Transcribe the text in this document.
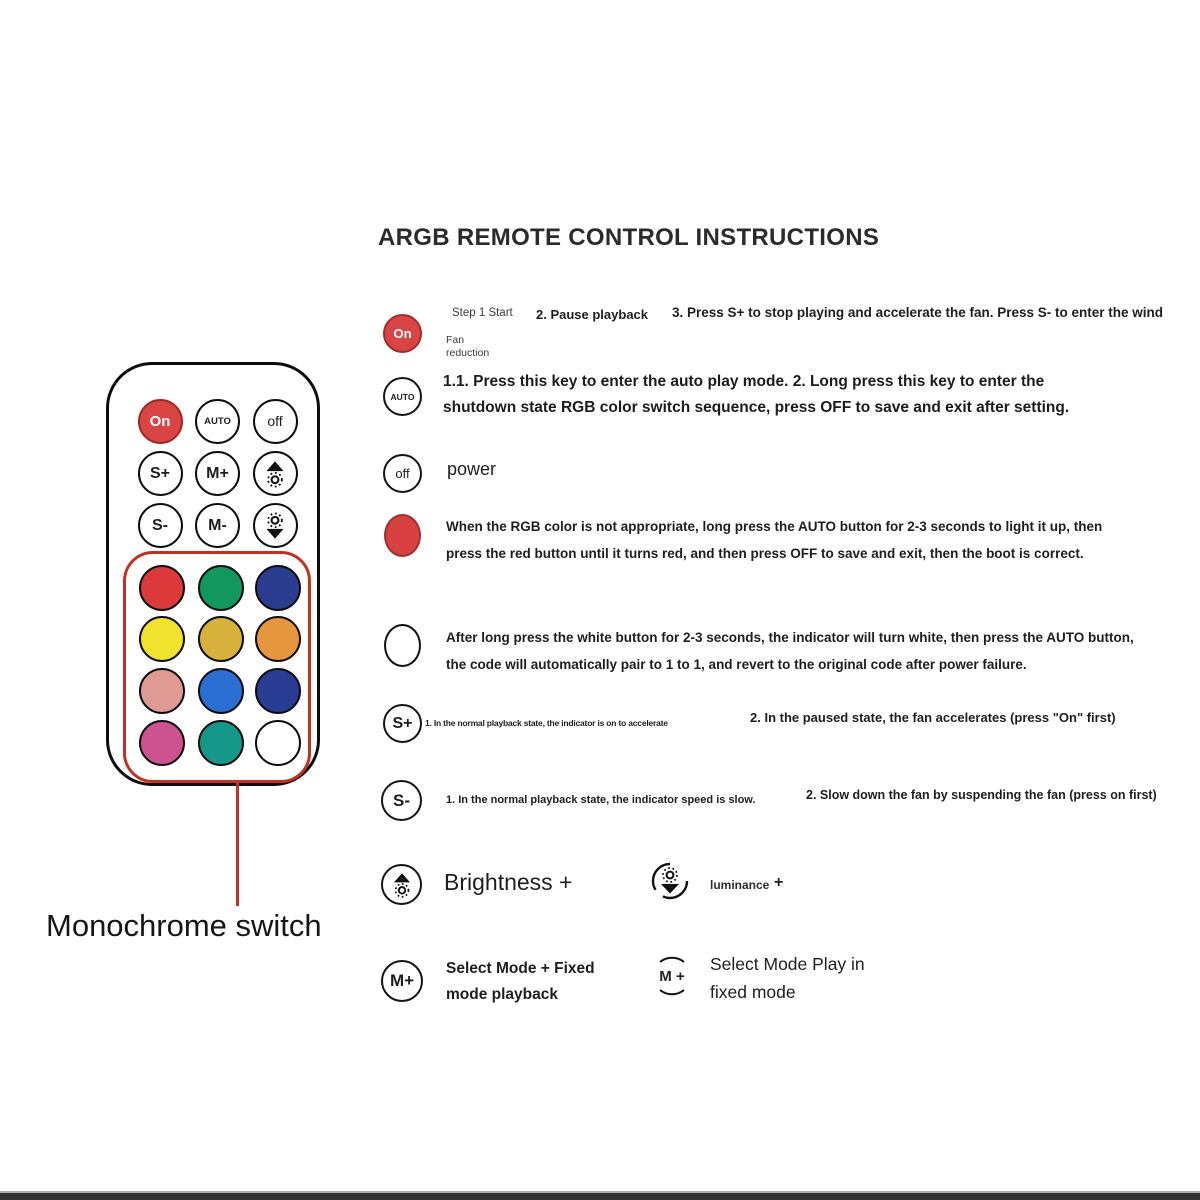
ARGB REMOTE CONTROL INSTRUCTIONS
On	AUTO	off
S+ M+
S-	M-
Monochrome switch
On
Step 1 Start
Fan reduction
2. Pause playback 3. Press S+ to stop playing and accelerate the fan. Press S- to enter the wind
AUTO
1.1. Press this key to enter the auto play mode. 2. Long press this key to enter the shutdown state RGB color switch sequence, press OFF to save and exit after setting.
off power
When the RGB color is not appropriate, long press the AUTO button for 2-3 seconds to light it up, then press the red button until it turns red, and then press OFF to save and exit, then the boot is correct.
After long press the white button for 2-3 seconds, the indicator will turn white, then press the AUTO button, the code will automatically pair to 1 to 1, and revert to the original code after power failure.
S+ 1. In the normal playback state, the indicator is on to accelerate	2. In the paused state, the fan accelerates (press "On" first)
S-	1. In the normal playback state, the indicator speed is slow.	2. Slow down the fan by suspending the fan (press on first)
Brightness +	luminance +
M+
Select Mode + Fixed mode playback
M +
Select Mode Play in fixed mode
